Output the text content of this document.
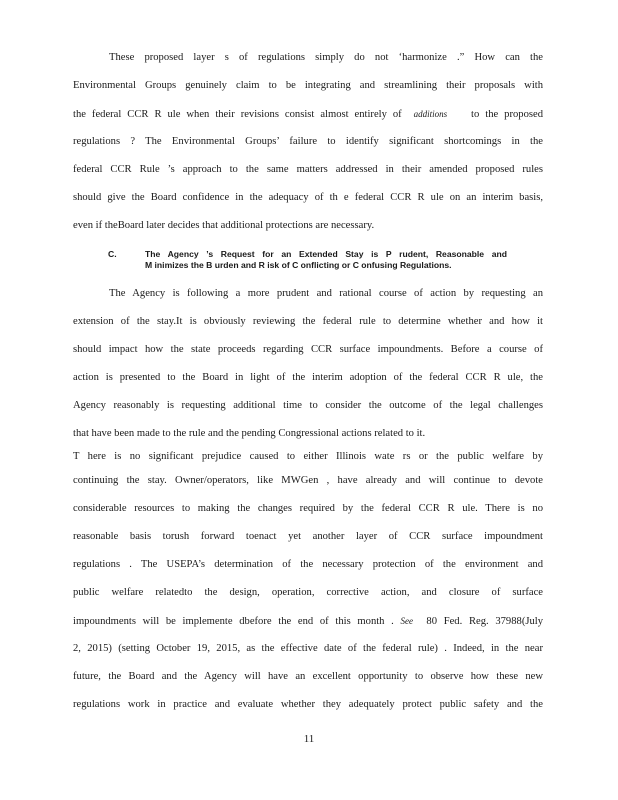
These proposed layer s of regulations simply do not ‘harmonize .” How can the
Environmental Groups genuinely claim to be integrating and streamlining their proposals with
the federal CCR R ule when their revisions consist almost entirely of additions to the proposed
regulations ? The Environmental Groups’ failure to identify significant shortcomings in the
federal CCR Rule ’s approach to the same matters addressed in their amended proposed rules
should give the Board confidence in the adequacy of th e federal CCR R ule on an interim basis,
even if theBoard later decides that additional protections are necessary.
C.	The Agency ’s Request for an Extended Stay is P rudent, Reasonable and
M inimizes the B urden and R isk of C onflicting or C onfusing Regulations.
The Agency is following a more prudent and rational course of action by requesting an
extension of the stay.It is obviously reviewing the federal rule to determine whether and how it
should impact how the state proceeds regarding CCR surface impoundments. Before a course of
action is presented to the Board in light of the interim adoption of the federal CCR R ule, the
Agency reasonably is requesting additional time to consider the outcome of the legal challenges
that have been made to the rule and the pending Congressional actions related to it.
T here is no significant prejudice caused to either Illinois wate rs or the public welfare by
continuing the stay. Owner/operators, like MWGen , have already and will continue to devote
considerable resources to making the changes required by the federal CCR R ule. There is no
reasonable basis torush forward toenact yet another layer of CCR surface impoundment
regulations . The USEPA’s determination of the necessary protection of the environment and
public welfare relatedto the design, operation, corrective action, and closure of surface
impoundments will be implemente dbefore the end of this month . See 80 Fed. Reg. 37988(July
2, 2015) (setting October 19, 2015, as the effective date of the federal rule) . Indeed, in the near
future, the Board and the Agency will have an excellent opportunity to observe how these new
regulations work in practice and evaluate whether they adequately protect public safety and the
11
